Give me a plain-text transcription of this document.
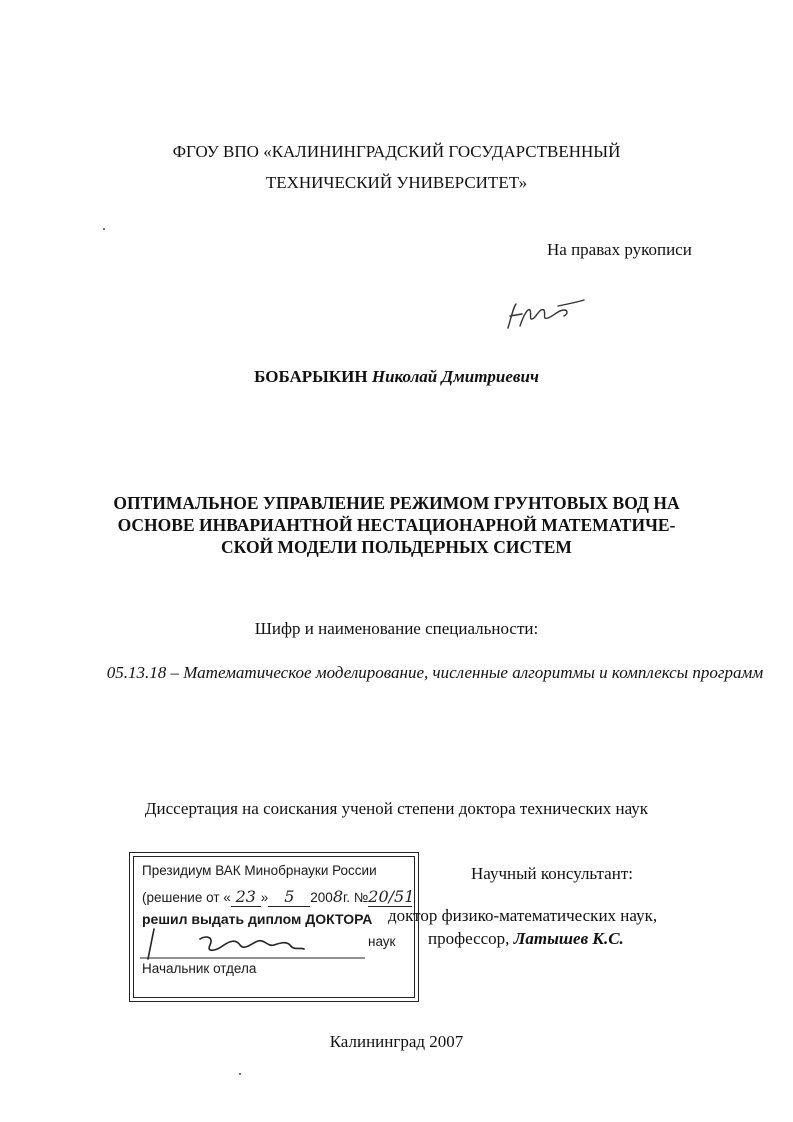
ФГОУ ВПО «КАЛИНИНГРАДСКИЙ ГОСУДАРСТВЕННЫЙ
ТЕХНИЧЕСКИЙ УНИВЕРСИТЕТ»
На правах рукописи
БОБАРЫКИН Николай Дмитриевич
ОПТИМАЛЬНОЕ УПРАВЛЕНИЕ РЕЖИМОМ ГРУНТОВЫХ ВОД НА
ОСНОВЕ ИНВАРИАНТНОЙ НЕСТАЦИОНАРНОЙ МАТЕМАТИЧЕ-
СКОЙ МОДЕЛИ ПОЛЬДЕРНЫХ СИСТЕМ
Шифр и наименование специальности:
05.13.18 – Математическое моделирование, численные алгоритмы и комплексы программ
Диссертация на соискания ученой степени доктора технических наук
Научный консультант:
доктор физико-математических наук,
профессор, Латышев К.С.
Президиум ВАК Минобрнауки России
(решение от « 23 » 5 2008г. №20/51
решил выдать диплом ДОКТОРА
наук
Начальник отдела
Калининград 2007
